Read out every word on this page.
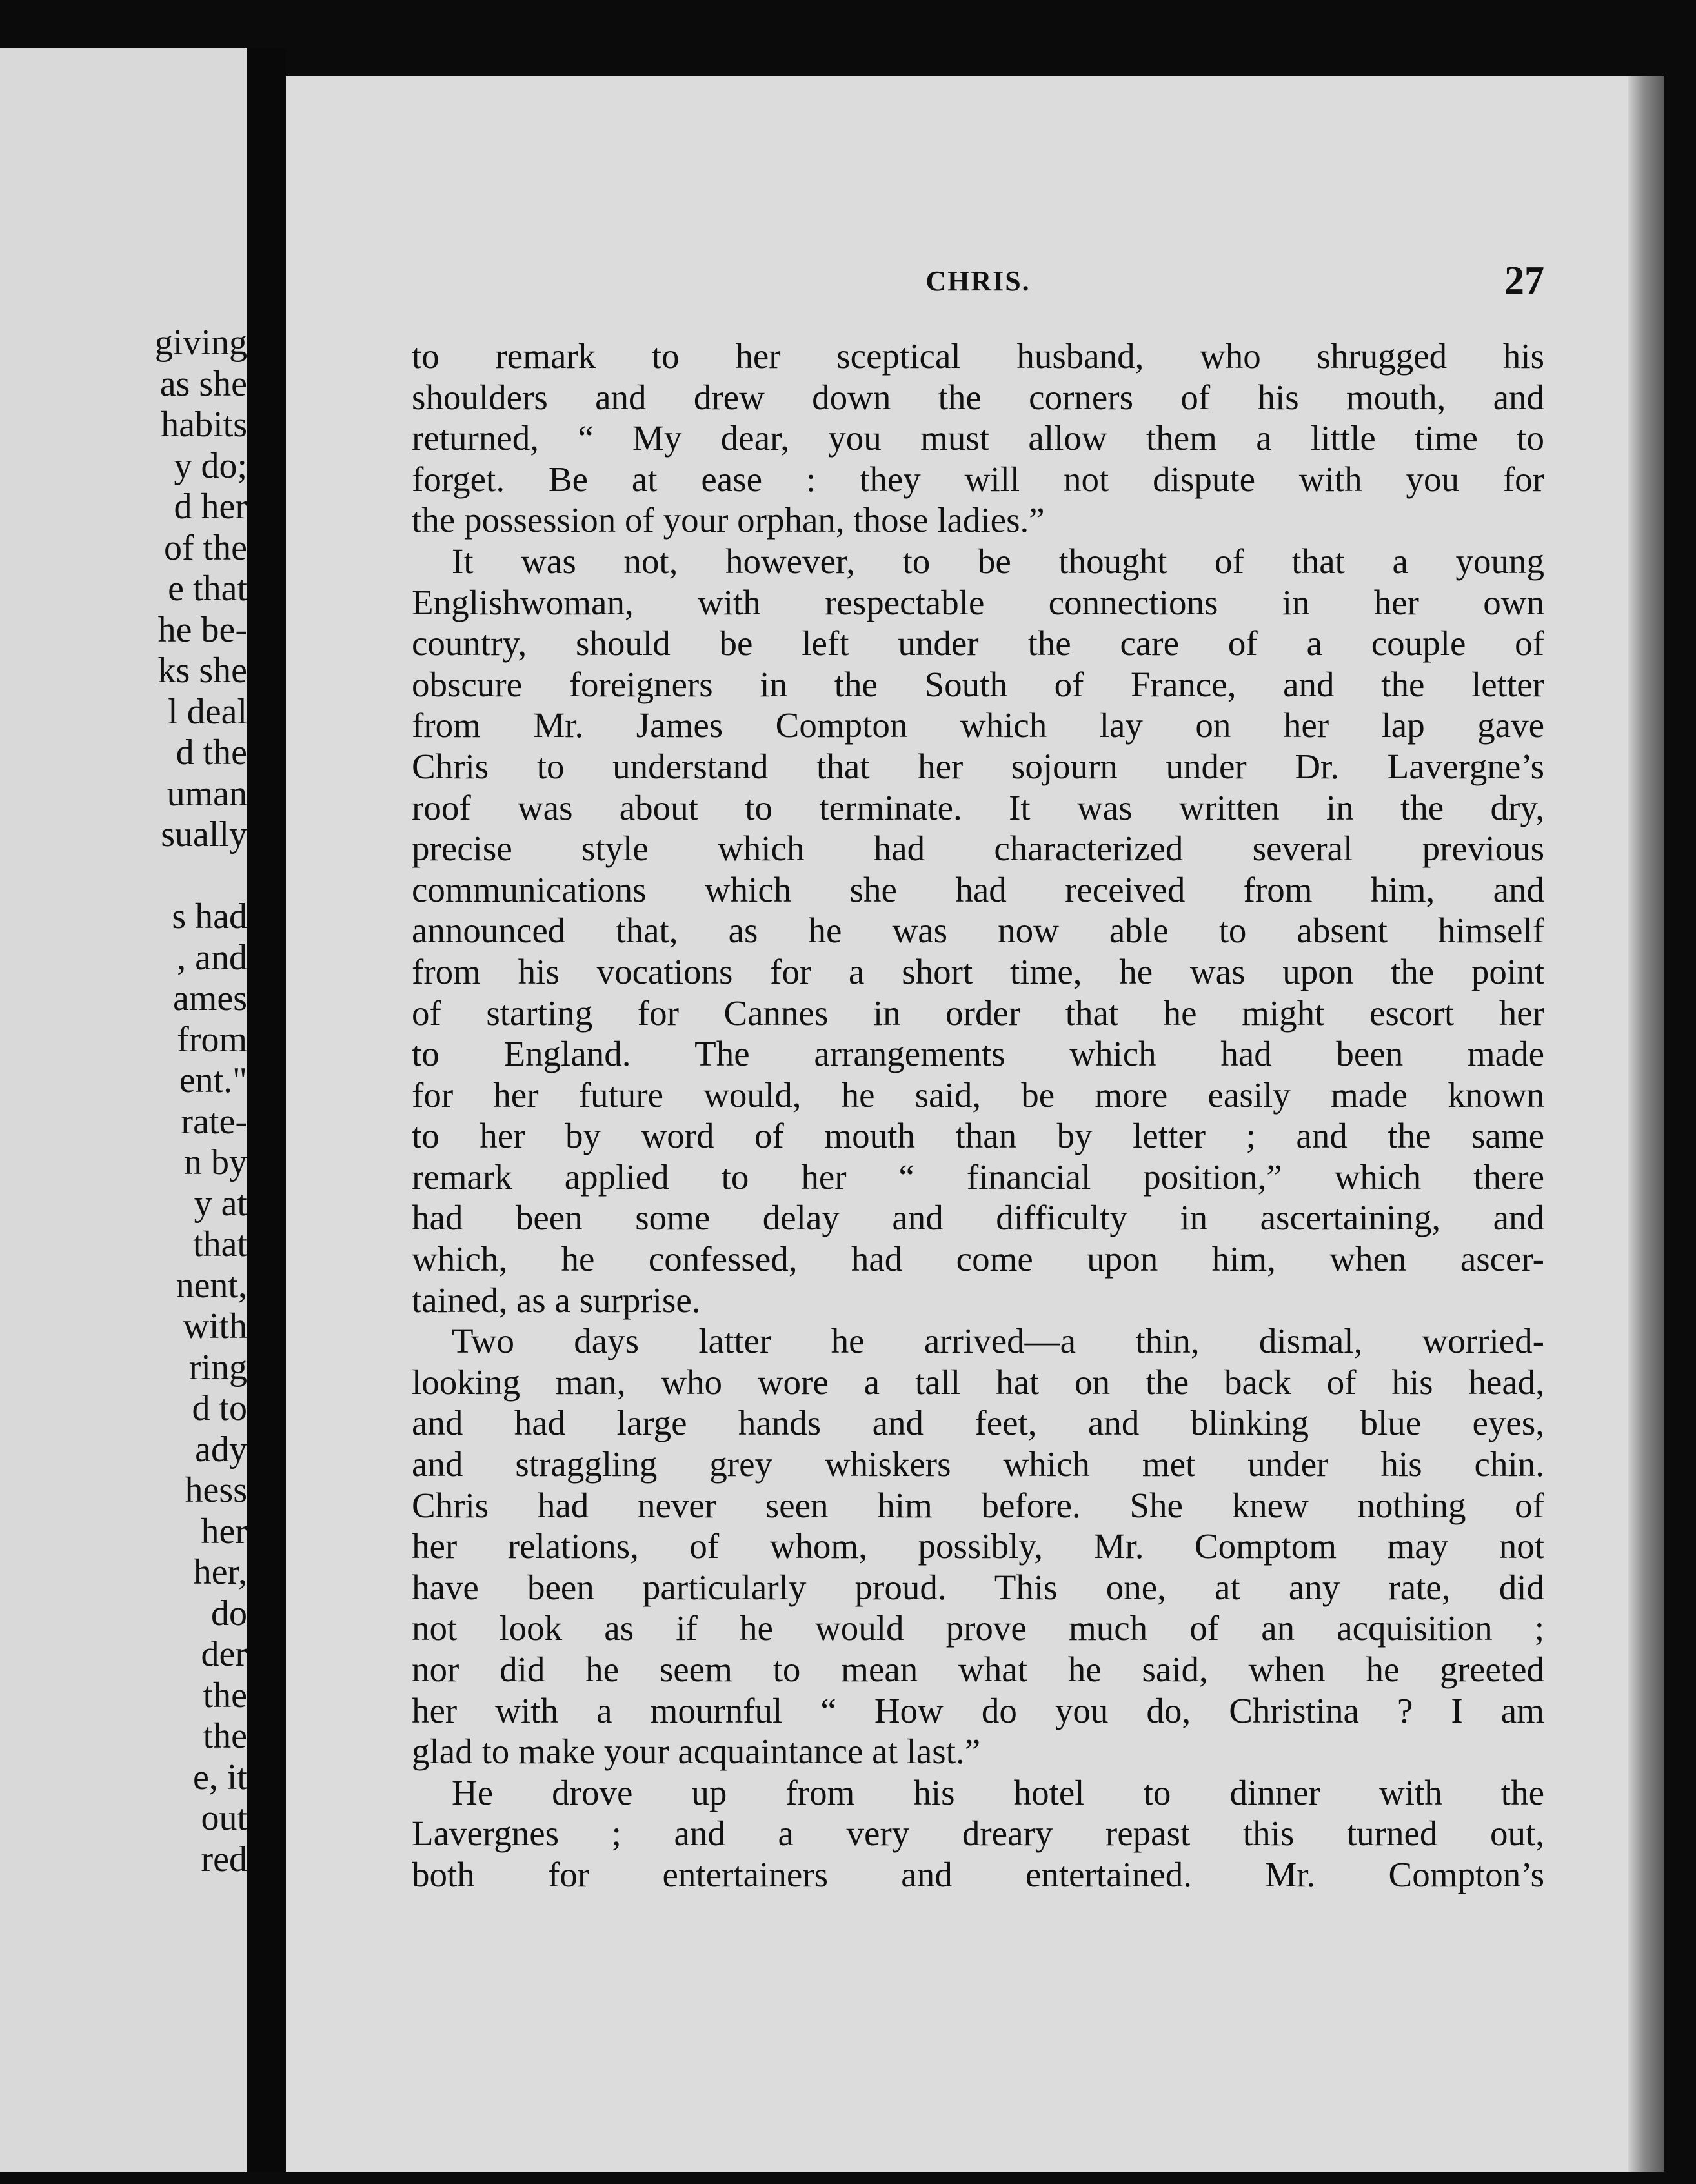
giving
as she
habits
y do;
d her
of the
e that
he be-
ks she
l deal
d the
uman
sually
s had
, and
ames
from
ent."
rate-
n by
y at
that
nent,
with
ring
d to
ady
hess
her
her,
do
der
the
the
e, it
out
red
CHRIS.	27
to remark to her sceptical husband, who shrugged his
shoulders and drew down the corners of his mouth, and
returned, “ My dear, you must allow them a little time to
forget. Be at ease : they will not dispute with you for
the possession of your orphan, those ladies.”
It was not, however, to be thought of that a young
Englishwoman, with respectable connections in her own
country, should be left under the care of a couple of
obscure foreigners in the South of France, and the letter
from Mr. James Compton which lay on her lap gave
Chris to understand that her sojourn under Dr. Lavergne’s
roof was about to terminate. It was written in the dry,
precise style which had characterized several previous
communications which she had received from him, and
announced that, as he was now able to absent himself
from his vocations for a short time, he was upon the point
of starting for Cannes in order that he might escort her
to England. The arrangements which had been made
for her future would, he said, be more easily made known
to her by word of mouth than by letter ; and the same
remark applied to her “ financial position,” which there
had been some delay and difficulty in ascertaining, and
which, he confessed, had come upon him, when ascer-
tained, as a surprise.
Two days latter he arrived—a thin, dismal, worried-
looking man, who wore a tall hat on the back of his head,
and had large hands and feet, and blinking blue eyes,
and straggling grey whiskers which met under his chin.
Chris had never seen him before. She knew nothing of
her relations, of whom, possibly, Mr. Comptom may not
have been particularly proud. This one, at any rate, did
not look as if he would prove much of an acquisition ;
nor did he seem to mean what he said, when he greeted
her with a mournful “ How do you do, Christina ? I am
glad to make your acquaintance at last.”
He drove up from his hotel to dinner with the
Lavergnes ; and a very dreary repast this turned out,
both for entertainers and entertained. Mr. Compton’s
